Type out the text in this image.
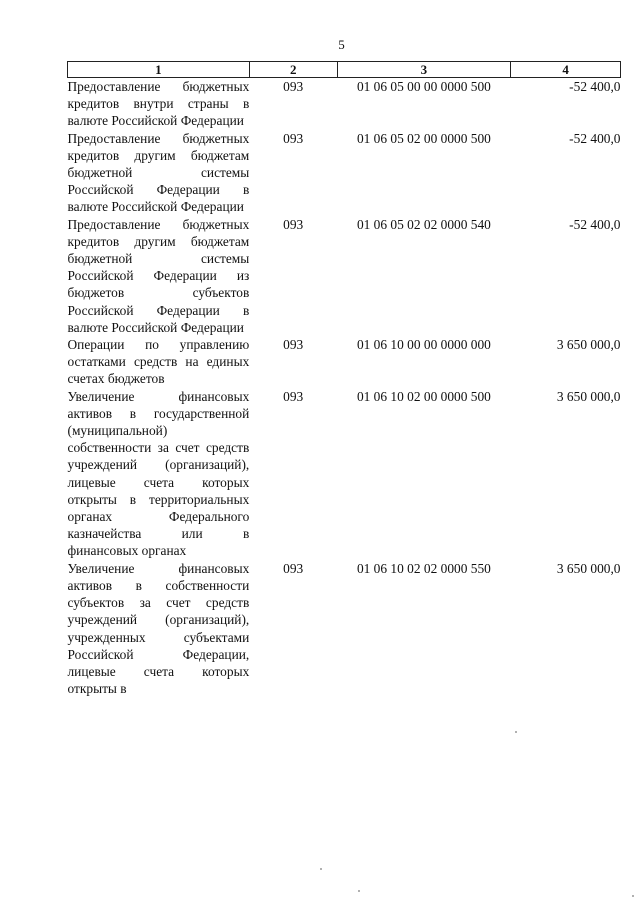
5
1	2	3	4
Предоставление бюджетных кредитов внутри страны в валюте Российской Федерации	093	01 06 05 00 00 0000 500	-52 400,0
Предоставление бюджетных кредитов другим бюджетам бюджетной системы Российской Федерации в валюте Российской Федерации	093	01 06 05 02 00 0000 500	-52 400,0
Предоставление бюджетных кредитов другим бюджетам бюджетной системы Российской Федерации из бюджетов субъектов Российской Федерации в валюте Российской Федерации	093	01 06 05 02 02 0000 540	-52 400,0
Операции по управлению остатками средств на единых счетах бюджетов	093	01 06 10 00 00 0000 000	3 650 000,0
Увеличение финансовых активов в государственной (муниципальной) собственности за счет средств учреждений (организаций), лицевые счета которых открыты в территориальных органах Федерального казначейства или в финансовых органах	093	01 06 10 02 00 0000 500	3 650 000,0
Увеличение финансовых активов в собственности субъектов за счет средств учреждений (организаций), учрежденных субъектами Российской Федерации, лицевые счета которых открыты в	093	01 06 10 02 02 0000 550	3 650 000,0
